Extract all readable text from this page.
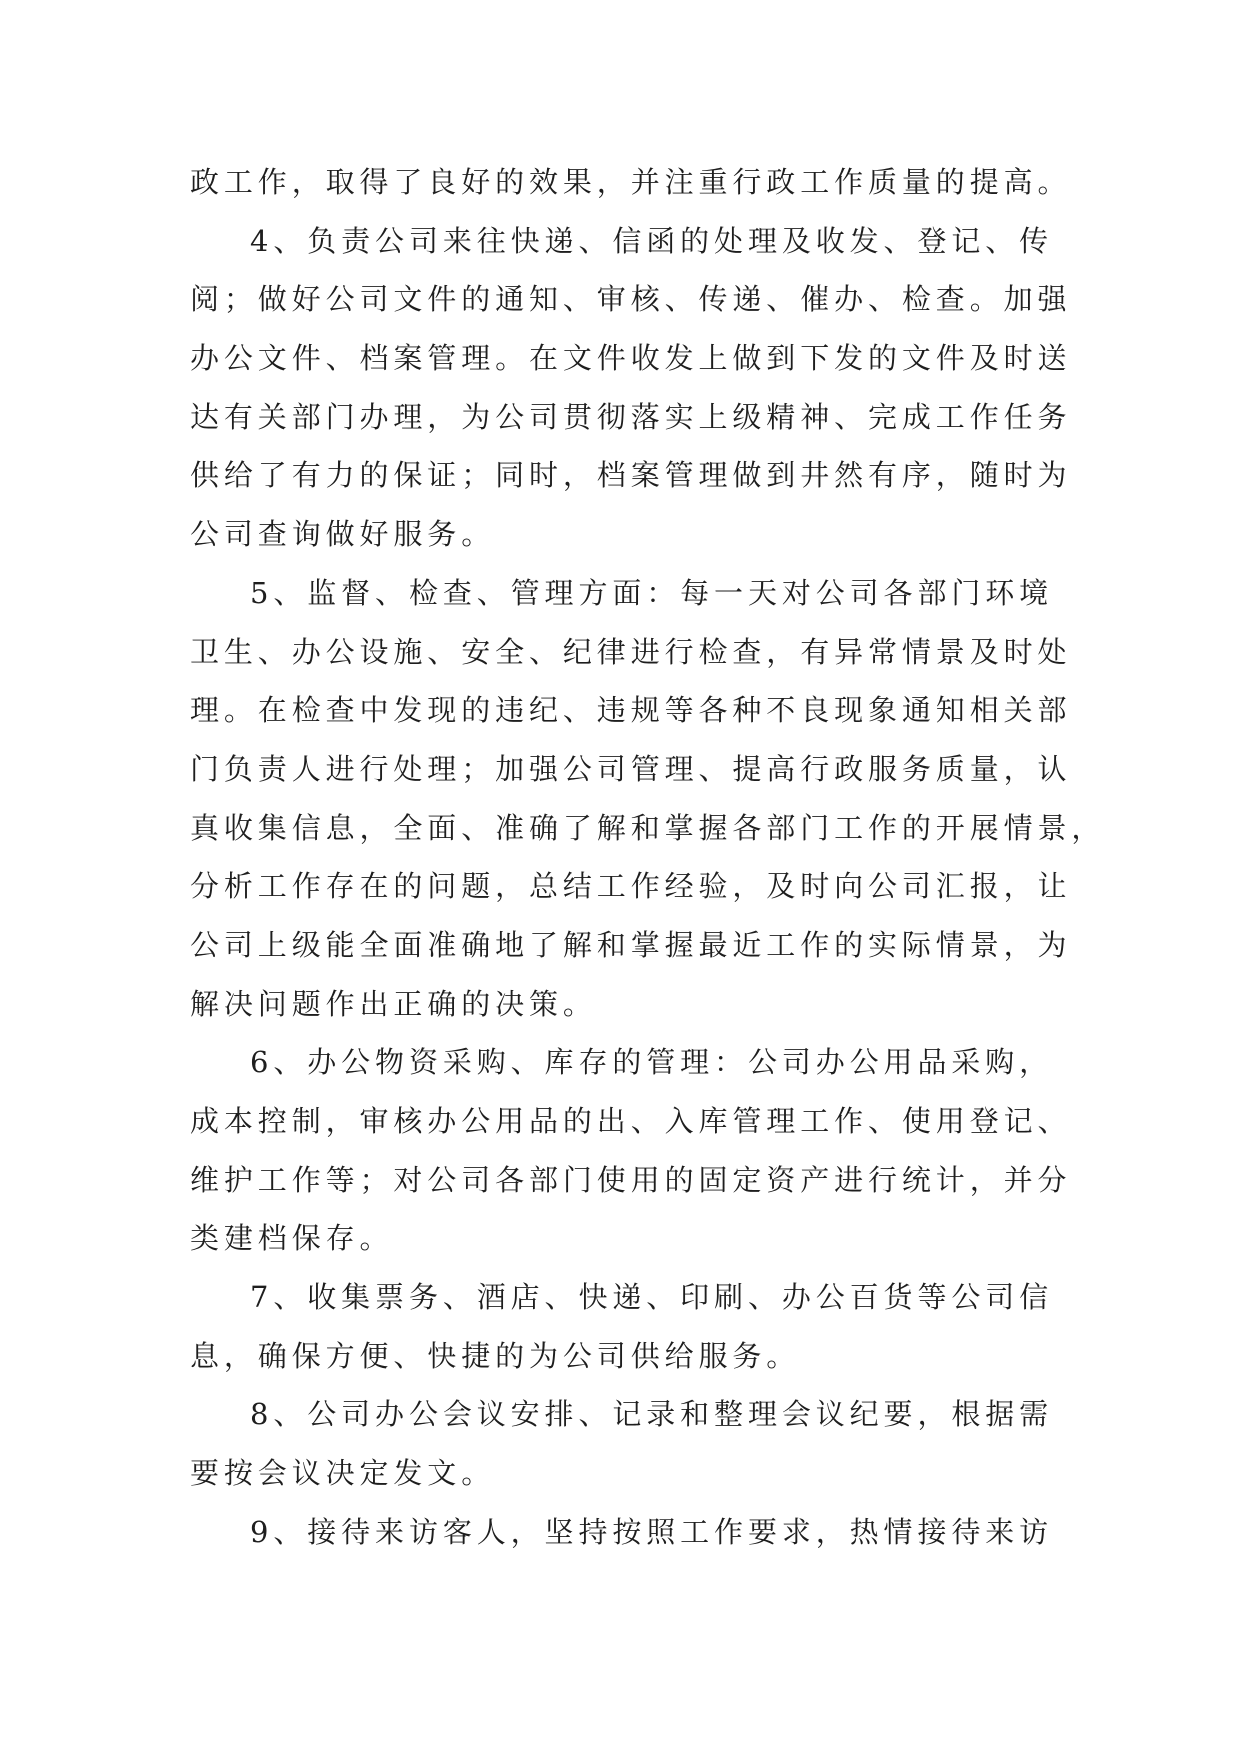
政工作，取得了良好的效果，并注重行政工作质量的提高。
4、负责公司来往快递、信函的处理及收发、登记、传
阅；做好公司文件的通知、审核、传递、催办、检查。加强
办公文件、档案管理。在文件收发上做到下发的文件及时送
达有关部门办理，为公司贯彻落实上级精神、完成工作任务
供给了有力的保证；同时，档案管理做到井然有序，随时为
公司查询做好服务。
5、监督、检查、管理方面：每一天对公司各部门环境
卫生、办公设施、安全、纪律进行检查，有异常情景及时处
理。在检查中发现的违纪、违规等各种不良现象通知相关部
门负责人进行处理；加强公司管理、提高行政服务质量，认
真收集信息，全面、准确了解和掌握各部门工作的开展情景，
分析工作存在的问题，总结工作经验，及时向公司汇报，让
公司上级能全面准确地了解和掌握最近工作的实际情景，为
解决问题作出正确的决策。
6、办公物资采购、库存的管理：公司办公用品采购，
成本控制，审核办公用品的出、入库管理工作、使用登记、
维护工作等；对公司各部门使用的固定资产进行统计，并分
类建档保存。
7、收集票务、酒店、快递、印刷、办公百货等公司信
息，确保方便、快捷的为公司供给服务。
8、公司办公会议安排、记录和整理会议纪要，根据需
要按会议决定发文。
9、接待来访客人，坚持按照工作要求，热情接待来访
